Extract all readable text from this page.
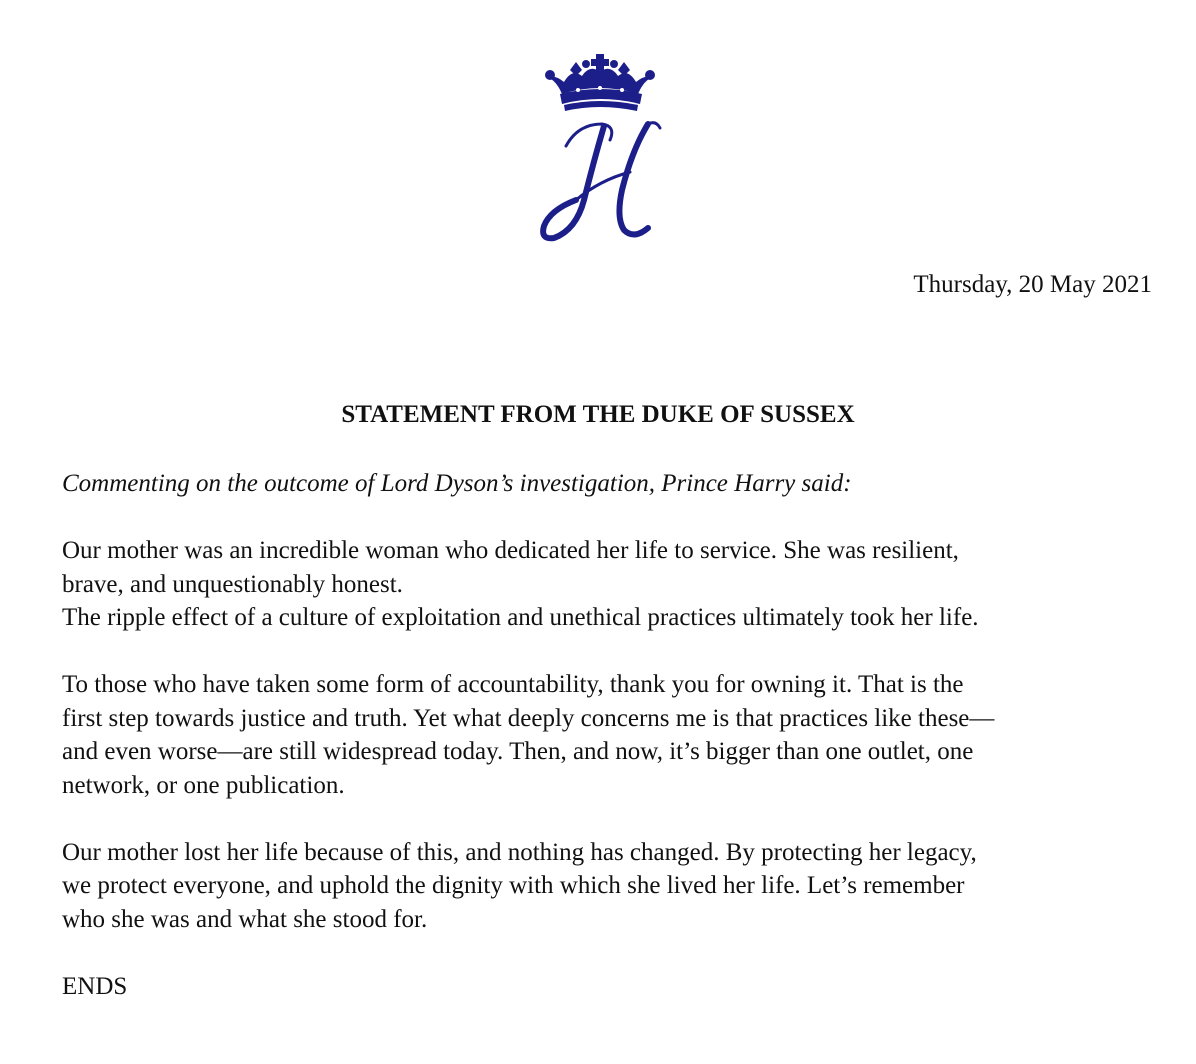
Thursday, 20 May 2021
STATEMENT FROM THE DUKE OF SUSSEX

Commenting on the outcome of Lord Dyson’s investigation, Prince Harry said:

Our mother was an incredible woman who dedicated her life to service. She was resilient,
brave, and unquestionably honest.
The ripple effect of a culture of exploitation and unethical practices ultimately took her life.

To those who have taken some form of accountability, thank you for owning it. That is the
first step towards justice and truth. Yet what deeply concerns me is that practices like these—
and even worse—are still widespread today. Then, and now, it’s bigger than one outlet, one
network, or one publication.

Our mother lost her life because of this, and nothing has changed. By protecting her legacy,
we protect everyone, and uphold the dignity with which she lived her life. Let’s remember
who she was and what she stood for.

ENDS
